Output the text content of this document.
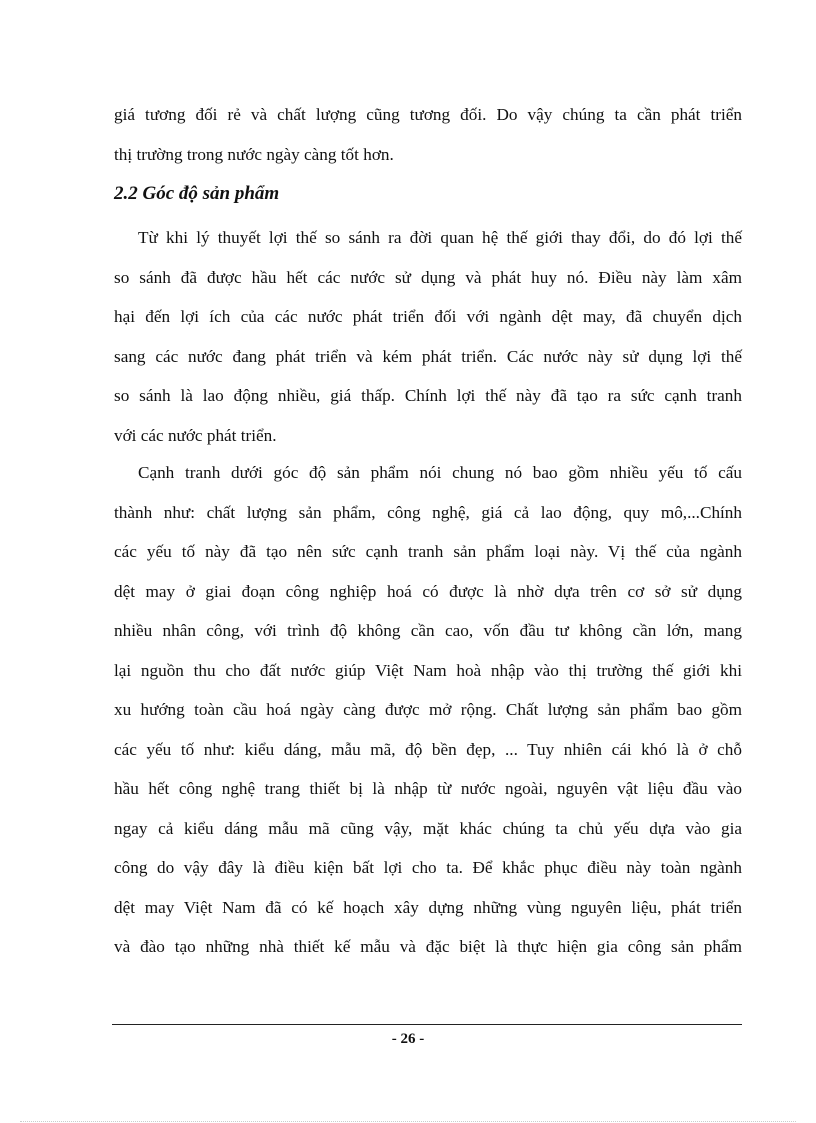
giá tương đối rẻ và chất lượng cũng tương đối. Do vậy chúng ta cần phát triển
thị trường trong nước ngày càng tốt hơn.
2.2 Góc độ sản phẩm
Từ khi lý thuyết lợi thế so sánh ra đời quan hệ thế giới thay đổi, do đó lợi thế
so sánh đã được hầu hết các nước sử dụng và phát huy nó. Điều này làm xâm
hại đến lợi ích của các nước phát triển đối với ngành dệt may, đã chuyển dịch
sang các nước đang phát triển và kém phát triển. Các nước này sử dụng lợi thế
so sánh là lao động nhiều, giá thấp. Chính lợi thế này đã tạo ra sức cạnh tranh
với các nước phát triển.
Cạnh tranh dưới góc độ sản phẩm nói chung nó bao gồm nhiều yếu tố cấu
thành như: chất lượng sản phẩm, công nghệ, giá cả lao động, quy mô,...Chính
các yếu tố này đã tạo nên sức cạnh tranh sản phẩm loại này. Vị thế của ngành
dệt may ở giai đoạn công nghiệp hoá có được là nhờ dựa trên cơ sở sử dụng
nhiều nhân công, với trình độ không cần cao, vốn đầu tư không cần lớn, mang
lại nguồn thu cho đất nước giúp Việt Nam hoà nhập vào thị trường thế giới khi
xu hướng toàn cầu hoá ngày càng được mở rộng. Chất lượng sản phẩm bao gồm
các yếu tố như: kiểu dáng, mẫu mã, độ bền đẹp, ... Tuy nhiên cái khó là ở chỗ
hầu hết công nghệ trang thiết bị là nhập từ nước ngoài, nguyên vật liệu đầu vào
ngay cả kiểu dáng mẫu mã cũng vậy, mặt khác chúng ta chủ yếu dựa vào gia
công do vậy đây là điều kiện bất lợi cho ta. Để khắc phục điều này toàn ngành
dệt may Việt Nam đã có kế hoạch xây dựng những vùng nguyên liệu, phát triển
và đào tạo những nhà thiết kế mẫu và đặc biệt là thực hiện gia công sản phẩm
- 26 -
